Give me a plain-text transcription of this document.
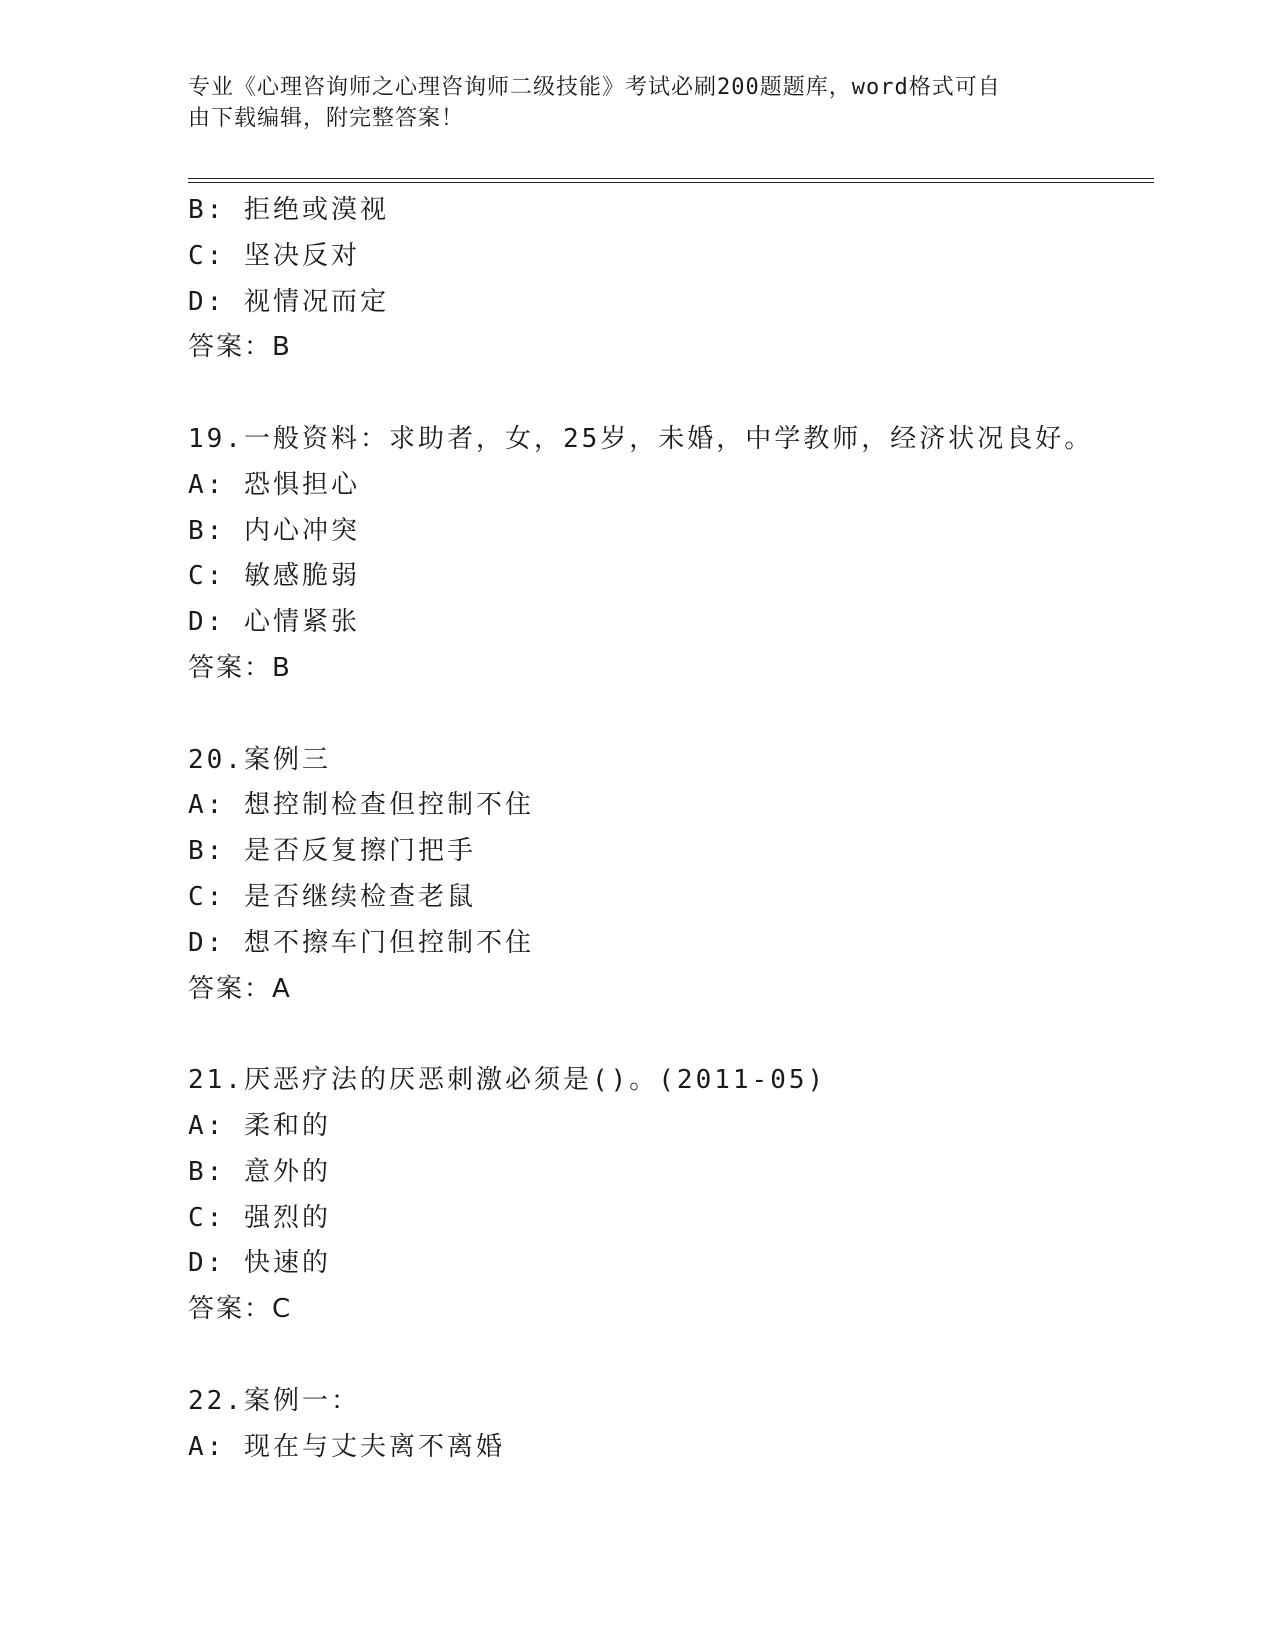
专业《心理咨询师之心理咨询师二级技能》考试必刷200题题库，word格式可自
由下载编辑，附完整答案！
B: 拒绝或漠视
C: 坚决反对
D: 视情况而定
答案：B
19.一般资料：求助者，女，25岁，未婚，中学教师，经济状况良好。
A: 恐惧担心
B: 内心冲突
C: 敏感脆弱
D: 心情紧张
答案：B
20.案例三
A: 想控制检查但控制不住
B: 是否反复擦门把手
C: 是否继续检查老鼠
D: 想不擦车门但控制不住
答案：A
21.厌恶疗法的厌恶刺激必须是()。(2011-05)
A: 柔和的
B: 意外的
C: 强烈的
D: 快速的
答案：C
22.案例一：
A: 现在与丈夫离不离婚
